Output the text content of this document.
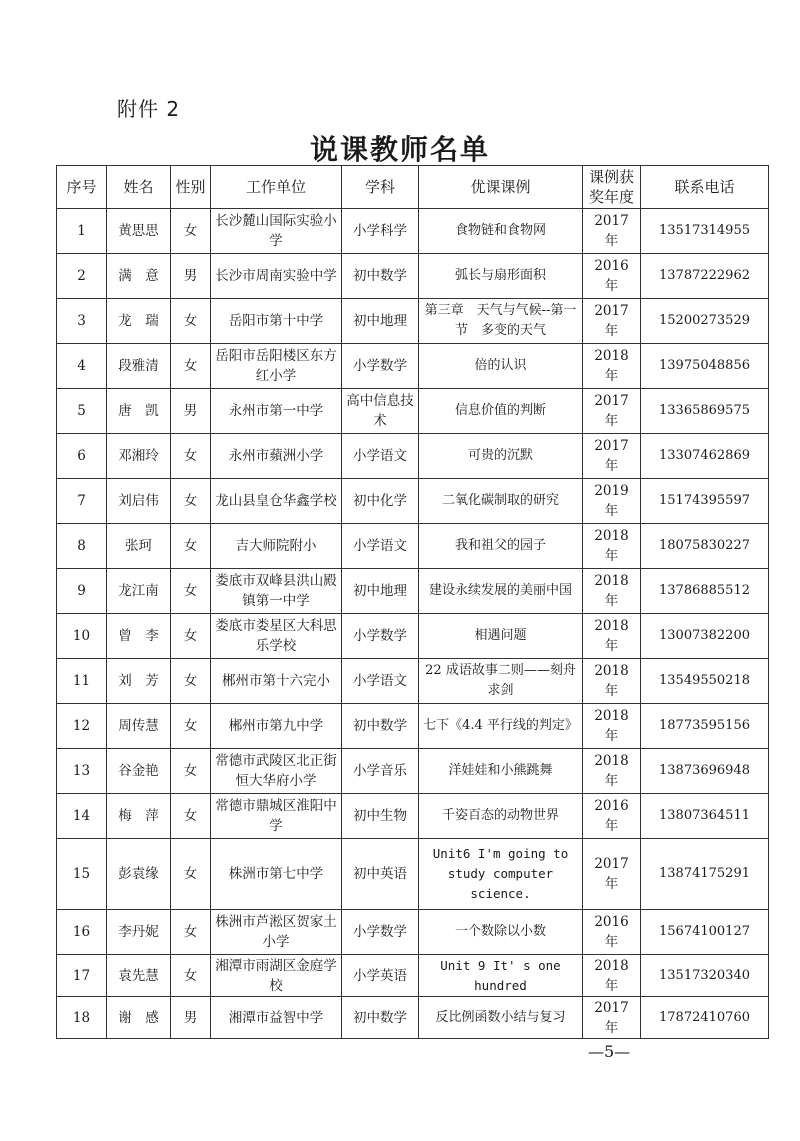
附件 2
说课教师名单
序号	姓名	性别	工作单位	学科	优课课例	课例获奖年度	联系电话
1	黄思思	女	长沙麓山国际实验小学	小学科学	食物链和食物网	2017 年	13517314955
2	满　意	男	长沙市周南实验中学	初中数学	弧长与扇形面积	2016 年	13787222962
3	龙　瑞	女	岳阳市第十中学	初中地理	第三章　天气与气候--第一节　多变的天气	2017 年	15200273529
4	段雅清	女	岳阳市岳阳楼区东方红小学	小学数学	倍的认识	2018 年	13975048856
5	唐　凯	男	永州市第一中学	高中信息技术	信息价值的判断	2017 年	13365869575
6	邓湘玲	女	永州市蘋洲小学	小学语文	可贵的沉默	2017 年	13307462869
7	刘启伟	女	龙山县皇仓华鑫学校	初中化学	二氧化碳制取的研究	2019 年	15174395597
8	张珂	女	吉大师院附小	小学语文	我和祖父的园子	2018 年	18075830227
9	龙江南	女	娄底市双峰县洪山殿镇第一中学	初中地理	建设永续发展的美丽中国	2018 年	13786885512
10	曾　李	女	娄底市娄星区大科思乐学校	小学数学	相遇问题	2018 年	13007382200
11	刘　芳	女	郴州市第十六完小	小学语文	22 成语故事二则——刻舟求剑	2018 年	13549550218
12	周传慧	女	郴州市第九中学	初中数学	七下《4.4 平行线的判定》	2018 年	18773595156
13	谷金艳	女	常德市武陵区北正街恒大华府小学	小学音乐	洋娃娃和小熊跳舞	2018 年	13873696948
14	梅　萍	女	常德市鼎城区淮阳中学	初中生物	千姿百态的动物世界	2016 年	13807364511
15	彭袁缘	女	株洲市第七中学	初中英语	Unit6 I'm going to study computer science.	2017 年	13874175291
16	李丹妮	女	株洲市芦淞区贺家土小学	小学数学	一个数除以小数	2016 年	15674100127
17	袁先慧	女	湘潭市雨湖区金庭学校	小学英语	Unit 9 It' s one hundred	2018 年	13517320340
18	谢　感	男	湘潭市益智中学	初中数学	反比例函数小结与复习	2017 年	17872410760
—5—
